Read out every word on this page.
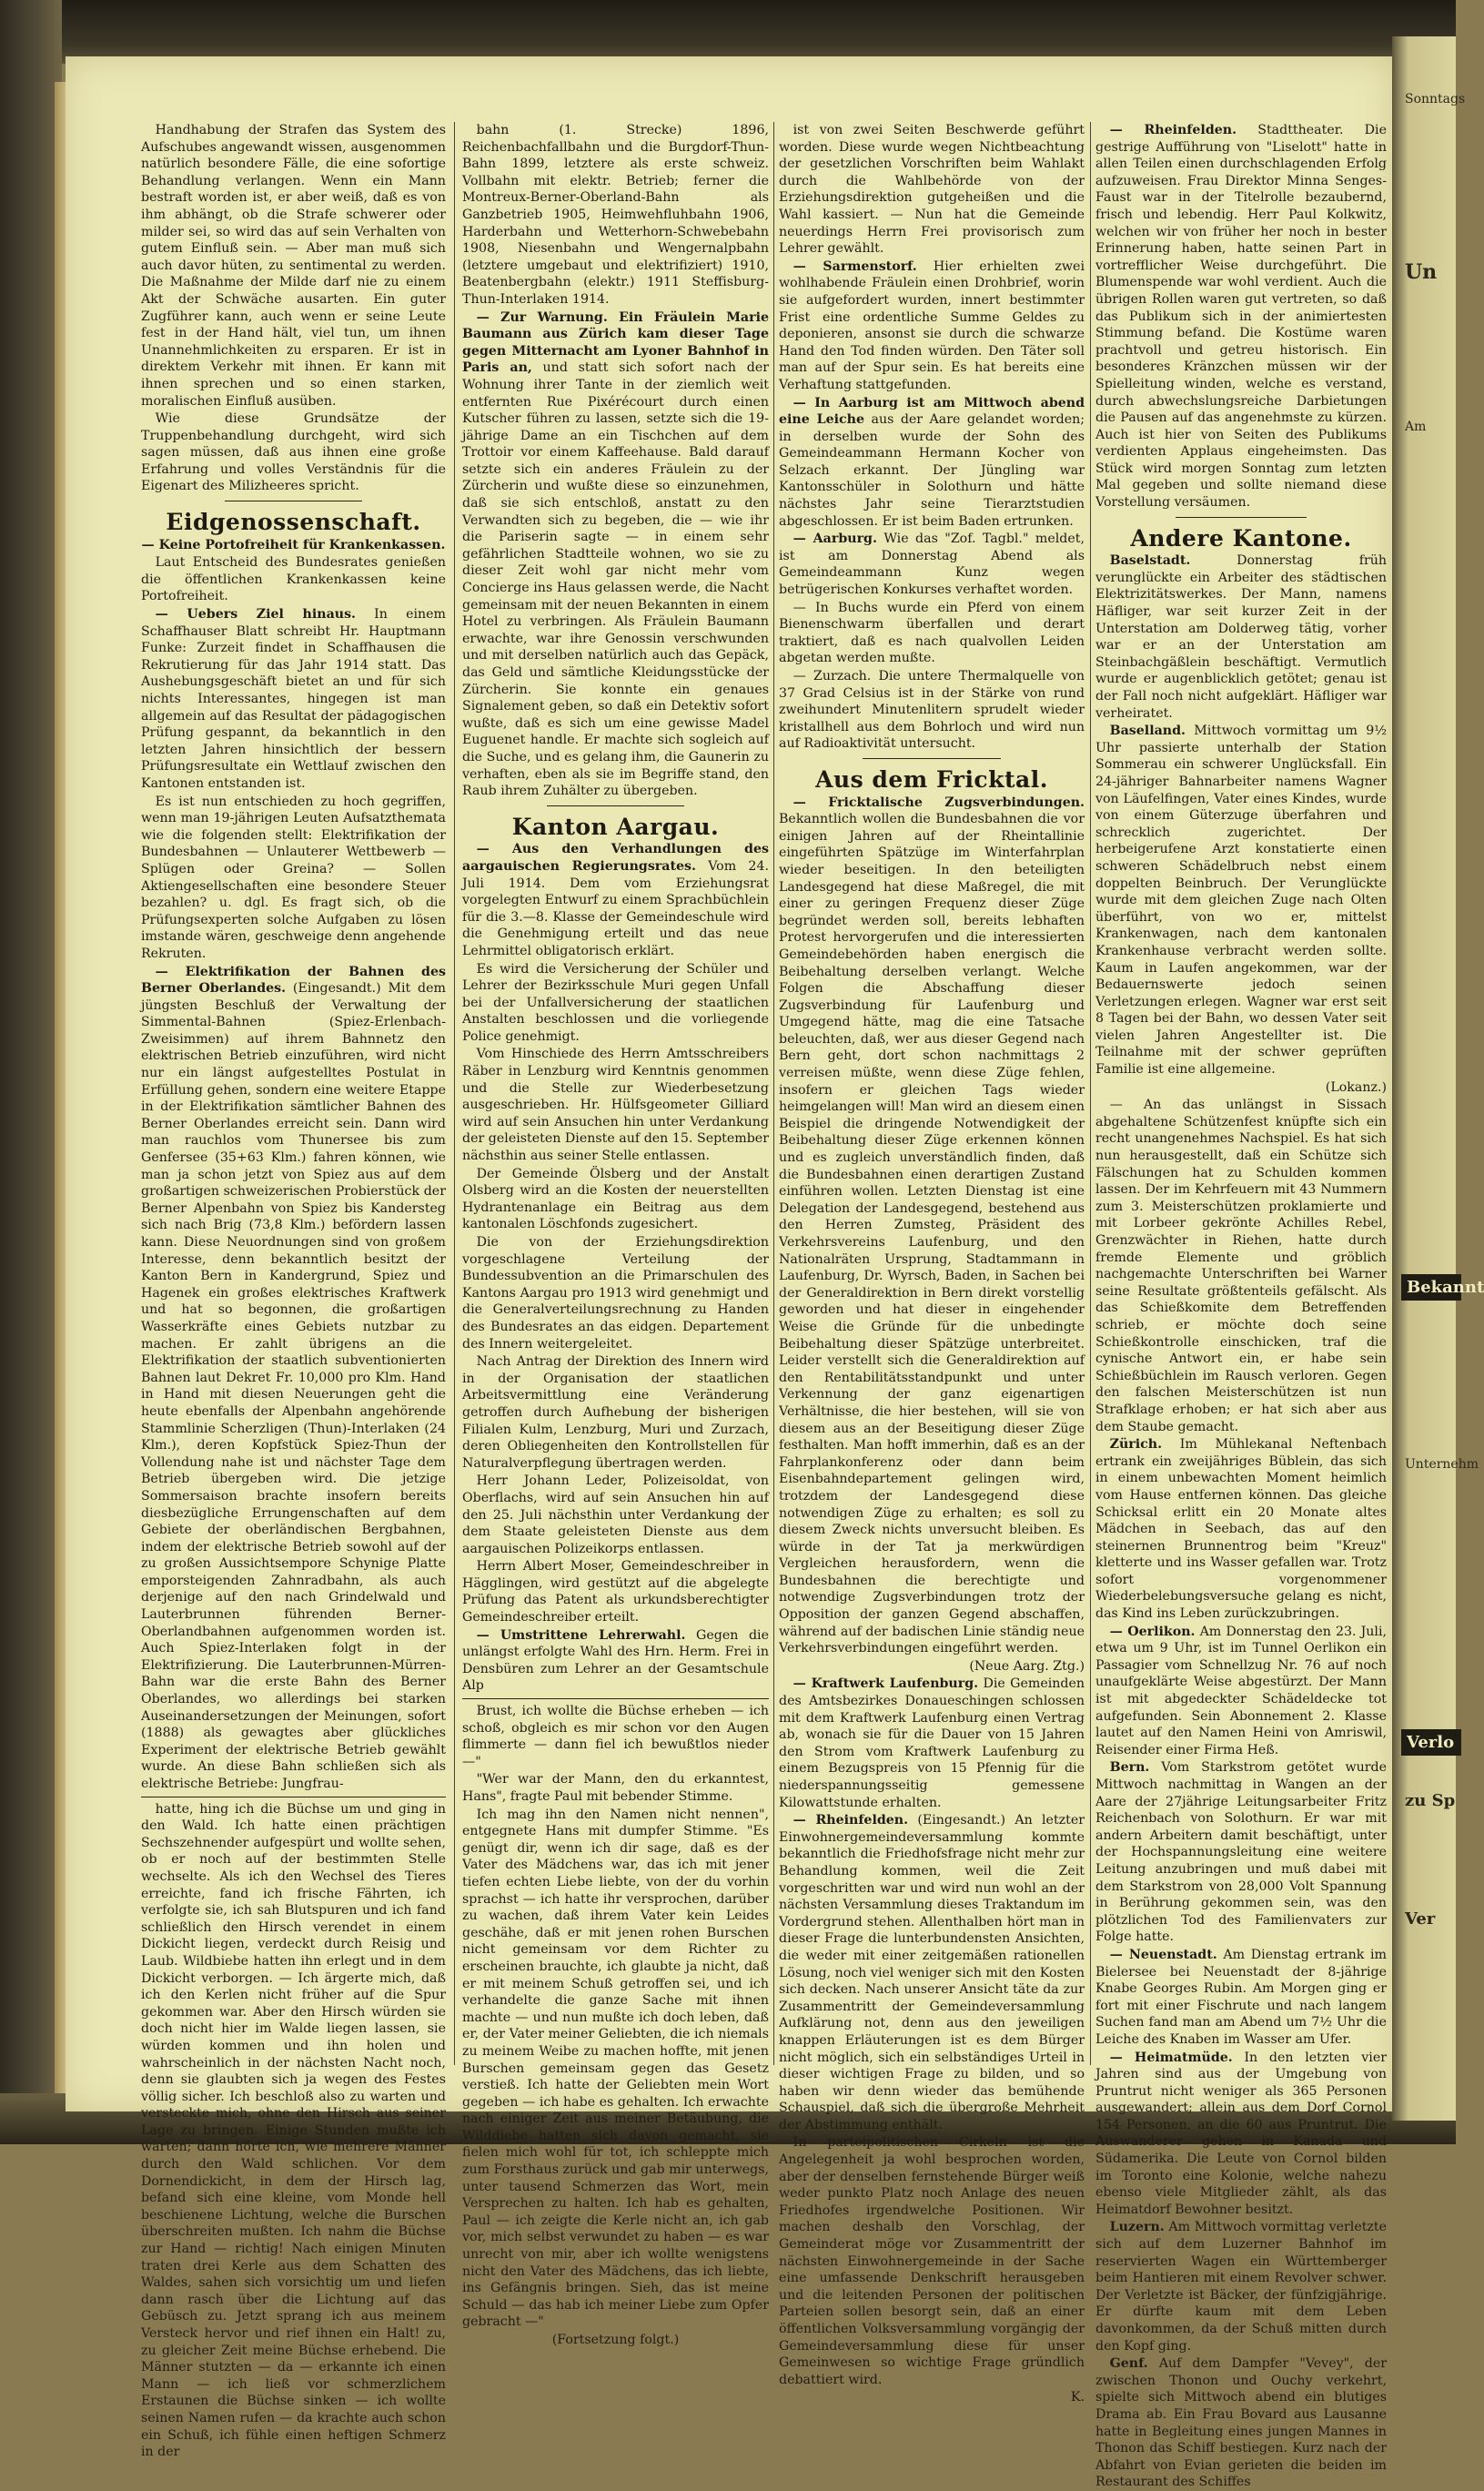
Sonntags
Un
Am
Bekannt
Unternehm
Verlo
zu Sp
Ver

Handhabung der Strafen das System des Aufschubes angewandt wissen, ausgenommen natürlich besondere Fälle, die eine sofortige Behandlung verlangen. Wenn ein Mann bestraft worden ist, er aber weiß, daß es von ihm abhängt, ob die Strafe schwerer oder milder sei, so wird das auf sein Verhalten von gutem Einfluß sein. — Aber man muß sich auch davor hüten, zu sentimental zu werden. Die Maßnahme der Milde darf nie zu einem Akt der Schwäche ausarten. Ein guter Zugführer kann, auch wenn er seine Leute fest in der Hand hält, viel tun, um ihnen Unannehmlichkeiten zu ersparen. Er ist in direktem Verkehr mit ihnen. Er kann mit ihnen sprechen und so einen starken, moralischen Einfluß ausüben.

Wie diese Grundsätze der Truppenbehandlung durchgeht, wird sich sagen müssen, daß aus ihnen eine große Erfahrung und volles Verständnis für die Eigenart des Milizheeres spricht.

Eidgenossenschaft.

— Keine Portofreiheit für Krankenkassen.

Laut Entscheid des Bundesrates genießen die öffentlichen Krankenkassen keine Portofreiheit.

— Uebers Ziel hinaus. In einem Schaffhauser Blatt schreibt Hr. Hauptmann Funke: Zurzeit findet in Schaffhausen die Rekrutierung für das Jahr 1914 statt. Das Aushebungsgeschäft bietet an und für sich nichts Interessantes, hingegen ist man allgemein auf das Resultat der pädagogischen Prüfung gespannt, da bekanntlich in den letzten Jahren hinsichtlich der bessern Prüfungsresultate ein Wettlauf zwischen den Kantonen entstanden ist.

Es ist nun entschieden zu hoch gegriffen, wenn man 19-jährigen Leuten Aufsatzthemata wie die folgenden stellt: Elektrifikation der Bundesbahnen — Unlauterer Wettbewerb — Splügen oder Greina? — Sollen Aktiengesellschaften eine besondere Steuer bezahlen? u. dgl. Es fragt sich, ob die Prüfungsexperten solche Aufgaben zu lösen imstande wären, geschweige denn angehende Rekruten.

— Elektrifikation der Bahnen des Berner Oberlandes. (Eingesandt.) Mit dem jüngsten Beschluß der Verwaltung der Simmental-Bahnen (Spiez-Erlenbach-Zweisimmen) auf ihrem Bahnnetz den elektrischen Betrieb einzuführen, wird nicht nur ein längst aufgestelltes Postulat in Erfüllung gehen, sondern eine weitere Etappe in der Elektrifikation sämtlicher Bahnen des Berner Oberlandes erreicht sein. Dann wird man rauchlos vom Thunersee bis zum Genfersee (35+63 Klm.) fahren können, wie man ja schon jetzt von Spiez aus auf dem großartigen schweizerischen Probierstück der Berner Alpenbahn von Spiez bis Kandersteg sich nach Brig (73,8 Klm.) befördern lassen kann. Diese Neuordnungen sind von großem Interesse, denn bekanntlich besitzt der Kanton Bern in Kandergrund, Spiez und Hagenek ein großes elektrisches Kraftwerk und hat so begonnen, die großartigen Wasserkräfte eines Gebiets nutzbar zu machen. Er zahlt übrigens an die Elektrifikation der staatlich subventionierten Bahnen laut Dekret Fr. 10,000 pro Klm. Hand in Hand mit diesen Neuerungen geht die heute ebenfalls der Alpenbahn angehörende Stammlinie Scherzligen (Thun)-Interlaken (24 Klm.), deren Kopfstück Spiez-Thun der Vollendung nahe ist und nächster Tage dem Betrieb übergeben wird. Die jetzige Sommersaison brachte insofern bereits diesbezügliche Errungenschaften auf dem Gebiete der oberländischen Bergbahnen, indem der elektrische Betrieb sowohl auf der zu großen Aussichtsempore Schynige Platte emporsteigenden Zahnradbahn, als auch derjenige auf den nach Grindelwald und Lauterbrunnen führenden Berner-Oberlandbahnen aufgenommen worden ist. Auch Spiez-Interlaken folgt in der Elektrifizierung. Die Lauterbrunnen-Mürren-Bahn war die erste Bahn des Berner Oberlandes, wo allerdings bei starken Auseinandersetzungen der Meinungen, sofort (1888) als gewagtes aber glückliches Experiment der elektrische Betrieb gewählt wurde. An diese Bahn schließen sich als elektrische Betriebe: Jungfrau-

hatte, hing ich die Büchse um und ging in den Wald. Ich hatte einen prächtigen Sechszehnender aufgespürt und wollte sehen, ob er noch auf der bestimmten Stelle wechselte. Als ich den Wechsel des Tieres erreichte, fand ich frische Fährten, ich verfolgte sie, ich sah Blutspuren und ich fand schließlich den Hirsch verendet in einem Dickicht liegen, verdeckt durch Reisig und Laub. Wildbiebe hatten ihn erlegt und in dem Dickicht verborgen. — Ich ärgerte mich, daß ich den Kerlen nicht früher auf die Spur gekommen war. Aber den Hirsch würden sie doch nicht hier im Walde liegen lassen, sie würden kommen und ihn holen und wahrscheinlich in der nächsten Nacht noch, denn sie glaubten sich ja wegen des Festes völlig sicher. Ich beschloß also zu warten und versteckte mich, ohne den Hirsch aus seiner Lage zu bringen. Einige Stunden mußte ich warten; dann hörte ich, wie mehrere Männer durch den Wald schlichen. Vor dem Dornendickicht, in dem der Hirsch lag, befand sich eine kleine, vom Monde hell beschienene Lichtung, welche die Burschen überschreiten mußten. Ich nahm die Büchse zur Hand — richtig! Nach einigen Minuten traten drei Kerle aus dem Schatten des Waldes, sahen sich vorsichtig um und liefen dann rasch über die Lichtung auf das Gebüsch zu. Jetzt sprang ich aus meinem Versteck hervor und rief ihnen ein Halt! zu, zu gleicher Zeit meine Büchse erhebend. Die Männer stutzten — da — erkannte ich einen Mann — ich ließ vor schmerzlichem Erstaunen die Büchse sinken — ich wollte seinen Namen rufen — da krachte auch schon ein Schuß, ich fühle einen heftigen Schmerz in der

bahn (1. Strecke) 1896, Reichenbachfallbahn und die Burgdorf-Thun-Bahn 1899, letztere als erste schweiz. Vollbahn mit elektr. Betrieb; ferner die Montreux-Berner-Oberland-Bahn als Ganzbetrieb 1905, Heimwehfluhbahn 1906, Harderbahn und Wetterhorn-Schwebebahn 1908, Niesenbahn und Wengernalpbahn (letztere umgebaut und elektrifiziert) 1910, Beatenbergbahn (elektr.) 1911 Steffisburg-Thun-Interlaken 1914.

— Zur Warnung. Ein Fräulein Marie Baumann aus Zürich kam dieser Tage gegen Mitternacht am Lyoner Bahnhof in Paris an, und statt sich sofort nach der Wohnung ihrer Tante in der ziemlich weit entfernten Rue Pixérécourt durch einen Kutscher führen zu lassen, setzte sich die 19-jährige Dame an ein Tischchen auf dem Trottoir vor einem Kaffeehause. Bald darauf setzte sich ein anderes Fräulein zu der Zürcherin und wußte diese so einzunehmen, daß sie sich entschloß, anstatt zu den Verwandten sich zu begeben, die — wie ihr die Pariserin sagte — in einem sehr gefährlichen Stadtteile wohnen, wo sie zu dieser Zeit wohl gar nicht mehr vom Concierge ins Haus gelassen werde, die Nacht gemeinsam mit der neuen Bekannten in einem Hotel zu verbringen. Als Fräulein Baumann erwachte, war ihre Genossin verschwunden und mit derselben natürlich auch das Gepäck, das Geld und sämtliche Kleidungsstücke der Zürcherin. Sie konnte ein genaues Signalement geben, so daß ein Detektiv sofort wußte, daß es sich um eine gewisse Madel Euguenet handle. Er machte sich sogleich auf die Suche, und es gelang ihm, die Gaunerin zu verhaften, eben als sie im Begriffe stand, den Raub ihrem Zuhälter zu übergeben.

Kanton Aargau.

— Aus den Verhandlungen des aargauischen Regierungsrates. Vom 24. Juli 1914. Dem vom Erziehungsrat vorgelegten Entwurf zu einem Sprachbüchlein für die 3.—8. Klasse der Gemeindeschule wird die Genehmigung erteilt und das neue Lehrmittel obligatorisch erklärt.

Es wird die Versicherung der Schüler und Lehrer der Bezirksschule Muri gegen Unfall bei der Unfallversicherung der staatlichen Anstalten beschlossen und die vorliegende Police genehmigt.

Vom Hinschiede des Herrn Amtsschreibers Räber in Lenzburg wird Kenntnis genommen und die Stelle zur Wiederbesetzung ausgeschrieben. Hr. Hülfsgeometer Gilliard wird auf sein Ansuchen hin unter Verdankung der geleisteten Dienste auf den 15. September nächsthin aus seiner Stelle entlassen.

Der Gemeinde Ölsberg und der Anstalt Olsberg wird an die Kosten der neuerstellten Hydrantenanlage ein Beitrag aus dem kantonalen Löschfonds zugesichert.

Die von der Erziehungsdirektion vorgeschlagene Verteilung der Bundessubvention an die Primarschulen des Kantons Aargau pro 1913 wird genehmigt und die Generalverteilungsrechnung zu Handen des Bundesrates an das eidgen. Departement des Innern weitergeleitet.

Nach Antrag der Direktion des Innern wird in der Organisation der staatlichen Arbeitsvermittlung eine Veränderung getroffen durch Aufhebung der bisherigen Filialen Kulm, Lenzburg, Muri und Zurzach, deren Obliegenheiten den Kontrollstellen für Naturalverpflegung übertragen werden.

Herr Johann Leder, Polizeisoldat, von Oberflachs, wird auf sein Ansuchen hin auf den 25. Juli nächsthin unter Verdankung der dem Staate geleisteten Dienste aus dem aargauischen Polizeikorps entlassen.

Herrn Albert Moser, Gemeindeschreiber in Hägglingen, wird gestützt auf die abgelegte Prüfung das Patent als urkundsberechtigter Gemeindeschreiber erteilt.

— Umstrittene Lehrerwahl. Gegen die unlängst erfolgte Wahl des Hrn. Herm. Frei in Densbüren zum Lehrer an der Gesamtschule Alp

Brust, ich wollte die Büchse erheben — ich schoß, obgleich es mir schon vor den Augen flimmerte — dann fiel ich bewußtlos nieder —"

"Wer war der Mann, den du erkanntest, Hans", fragte Paul mit bebender Stimme.

Ich mag ihn den Namen nicht nennen", entgegnete Hans mit dumpfer Stimme. "Es genügt dir, wenn ich dir sage, daß es der Vater des Mädchens war, das ich mit jener tiefen echten Liebe liebte, von der du vorhin sprachst — ich hatte ihr versprochen, darüber zu wachen, daß ihrem Vater kein Leides geschähe, daß er mit jenen rohen Burschen nicht gemeinsam vor dem Richter zu erscheinen brauchte, ich glaubte ja nicht, daß er mit meinem Schuß getroffen sei, und ich verhandelte die ganze Sache mit ihnen machte — und nun mußte ich doch leben, daß er, der Vater meiner Geliebten, die ich niemals zu meinem Weibe zu machen hoffte, mit jenen Burschen gemeinsam gegen das Gesetz verstieß. Ich hatte der Geliebten mein Wort gegeben — ich habe es gehalten. Ich erwachte nach einiger Zeit aus meiner Betäubung, die Wilddiebe hatten sich davon gemacht, sie fielen mich wohl für tot, ich schleppte mich zum Forsthaus zurück und gab mir unterwegs, unter tausend Schmerzen das Wort, mein Versprechen zu halten. Ich hab es gehalten, Paul — ich zeigte die Kerle nicht an, ich gab vor, mich selbst verwundet zu haben — es war unrecht von mir, aber ich wollte wenigstens nicht den Vater des Mädchens, das ich liebte, ins Gefängnis bringen. Sieh, das ist meine Schuld — das hab ich meiner Liebe zum Opfer gebracht —"

(Fortsetzung folgt.)

ist von zwei Seiten Beschwerde geführt worden. Diese wurde wegen Nichtbeachtung der gesetzlichen Vorschriften beim Wahlakt durch die Wahlbehörde von der Erziehungsdirektion gutgeheißen und die Wahl kassiert. — Nun hat die Gemeinde neuerdings Herrn Frei provisorisch zum Lehrer gewählt.

— Sarmenstorf. Hier erhielten zwei wohlhabende Fräulein einen Drohbrief, worin sie aufgefordert wurden, innert bestimmter Frist eine ordentliche Summe Geldes zu deponieren, ansonst sie durch die schwarze Hand den Tod finden würden. Den Täter soll man auf der Spur sein. Es hat bereits eine Verhaftung stattgefunden.

— In Aarburg ist am Mittwoch abend eine Leiche aus der Aare gelandet worden; in derselben wurde der Sohn des Gemeindeammann Hermann Kocher von Selzach erkannt. Der Jüngling war Kantonsschüler in Solothurn und hätte nächstes Jahr seine Tierarztstudien abgeschlossen. Er ist beim Baden ertrunken.

— Aarburg. Wie das "Zof. Tagbl." meldet, ist am Donnerstag Abend als Gemeindeammann Kunz wegen betrügerischen Konkurses verhaftet worden.

— In Buchs wurde ein Pferd von einem Bienenschwarm überfallen und derart traktiert, daß es nach qualvollen Leiden abgetan werden mußte.

— Zurzach. Die untere Thermalquelle von 37 Grad Celsius ist in der Stärke von rund zweihundert Minutenlitern sprudelt wieder kristallhell aus dem Bohrloch und wird nun auf Radioaktivität untersucht.

Aus dem Fricktal.

— Fricktalische Zugsverbindungen. Bekanntlich wollen die Bundesbahnen die vor einigen Jahren auf der Rheintallinie eingeführten Spätzüge im Winterfahrplan wieder beseitigen. In den beteiligten Landesgegend hat diese Maßregel, die mit einer zu geringen Frequenz dieser Züge begründet werden soll, bereits lebhaften Protest hervorgerufen und die interessierten Gemeindebehörden haben energisch die Beibehaltung derselben verlangt. Welche Folgen die Abschaffung dieser Zugsverbindung für Laufenburg und Umgegend hätte, mag die eine Tatsache beleuchten, daß, wer aus dieser Gegend nach Bern geht, dort schon nachmittags 2 verreisen müßte, wenn diese Züge fehlen, insofern er gleichen Tags wieder heimgelangen will! Man wird an diesem einen Beispiel die dringende Notwendigkeit der Beibehaltung dieser Züge erkennen können und es zugleich unverständlich finden, daß die Bundesbahnen einen derartigen Zustand einführen wollen. Letzten Dienstag ist eine Delegation der Landesgegend, bestehend aus den Herren Zumsteg, Präsident des Verkehrsvereins Laufenburg, und den Nationalräten Ursprung, Stadtammann in Laufenburg, Dr. Wyrsch, Baden, in Sachen bei der Generaldirektion in Bern direkt vorstellig geworden und hat dieser in eingehender Weise die Gründe für die unbedingte Beibehaltung dieser Spätzüge unterbreitet. Leider verstellt sich die Generaldirektion auf den Rentabilitätsstandpunkt und unter Verkennung der ganz eigenartigen Verhältnisse, die hier bestehen, will sie von diesem aus an der Beseitigung dieser Züge festhalten. Man hofft immerhin, daß es an der Fahrplankonferenz oder dann beim Eisenbahndepartement gelingen wird, trotzdem der Landesgegend diese notwendigen Züge zu erhalten; es soll zu diesem Zweck nichts unversucht bleiben. Es würde in der Tat ja merkwürdigen Vergleichen herausfordern, wenn die Bundesbahnen die berechtigte und notwendige Zugsverbindungen trotz der Opposition der ganzen Gegend abschaffen, während auf der badischen Linie ständig neue Verkehrsverbindungen eingeführt werden.

(Neue Aarg. Ztg.)

— Kraftwerk Laufenburg. Die Gemeinden des Amtsbezirkes Donaueschingen schlossen mit dem Kraftwerk Laufenburg einen Vertrag ab, wonach sie für die Dauer von 15 Jahren den Strom vom Kraftwerk Laufenburg zu einem Bezugspreis von 15 Pfennig für die niederspannungsseitig gemessene Kilowattstunde erhalten.

— Rheinfelden. (Eingesandt.) An letzter Einwohnergemeindeversammlung kommte bekanntlich die Friedhofsfrage nicht mehr zur Behandlung kommen, weil die Zeit vorgeschritten war und wird nun wohl an der nächsten Versammlung dieses Traktandum im Vordergrund stehen. Allenthalben hört man in dieser Frage die lunterbundensten Ansichten, die weder mit einer zeitgemäßen rationellen Lösung, noch viel weniger sich mit den Kosten sich decken. Nach unserer Ansicht täte da zur Zusammentritt der Gemeindeversammlung Aufklärung not, denn aus den jeweiligen knappen Erläuterungen ist es dem Bürger nicht möglich, sich ein selbständiges Urteil in dieser wichtigen Frage zu bilden, und so haben wir denn wieder das bemühende Schauspiel, daß sich die übergroße Mehrheit der Abstimmung enthält.

In parteipolitischen Cirkeln ist die Angelegenheit ja wohl besprochen worden, aber der denselben fernstehende Bürger weiß weder punkto Platz noch Anlage des neuen Friedhofes irgendwelche Positionen. Wir machen deshalb den Vorschlag, der Gemeinderat möge vor Zusammentritt der nächsten Einwohnergemeinde in der Sache eine umfassende Denkschrift herausgeben und die leitenden Personen der politischen Parteien sollen besorgt sein, daß an einer öffentlichen Volksversammlung vorgängig der Gemeindeversammlung diese für unser Gemeinwesen so wichtige Frage gründlich debattiert wird.

K.

— Rheinfelden. Stadttheater. Die gestrige Aufführung von "Liselott" hatte in allen Teilen einen durchschlagenden Erfolg aufzuweisen. Frau Direktor Minna Senges-Faust war in der Titelrolle bezaubernd, frisch und lebendig. Herr Paul Kolkwitz, welchen wir von früher her noch in bester Erinnerung haben, hatte seinen Part in vortrefflicher Weise durchgeführt. Die Blumenspende war wohl verdient. Auch die übrigen Rollen waren gut vertreten, so daß das Publikum sich in der animiertesten Stimmung befand. Die Kostüme waren prachtvoll und getreu historisch. Ein besonderes Kränzchen müssen wir der Spielleitung winden, welche es verstand, durch abwechslungsreiche Darbietungen die Pausen auf das angenehmste zu kürzen. Auch ist hier von Seiten des Publikums verdienten Applaus eingeheimsten. Das Stück wird morgen Sonntag zum letzten Mal gegeben und sollte niemand diese Vorstellung versäumen.

Andere Kantone.

Baselstadt.	Donnerstag früh verunglückte ein Arbeiter des städtischen Elektrizitätswerkes. Der Mann, namens Häfliger, war seit kurzer Zeit in der Unterstation am Dolderweg tätig, vorher war er an der Unterstation am Steinbachgäßlein beschäftigt. Vermutlich wurde er augenblicklich getötet; genau ist der Fall noch nicht aufgeklärt. Häfliger war verheiratet.

Baselland. Mittwoch vormittag um 9½ Uhr passierte unterhalb der Station Sommerau ein schwerer Unglücksfall. Ein 24-jähriger Bahnarbeiter namens Wagner von Läufelfingen, Vater eines Kindes, wurde von einem Güterzuge überfahren und schrecklich zugerichtet. Der herbeigerufene Arzt konstatierte einen schweren Schädelbruch nebst einem doppelten Beinbruch. Der Verunglückte wurde mit dem gleichen Zuge nach Olten überführt, von wo er, mittelst Krankenwagen, nach dem kantonalen Krankenhause verbracht werden sollte. Kaum in Laufen angekommen, war der Bedauernswerte jedoch seinen Verletzungen erlegen. Wagner war erst seit 8 Tagen bei der Bahn, wo dessen Vater seit vielen Jahren Angestellter ist. Die Teilnahme mit der schwer geprüften Familie ist eine allgemeine.

(Lokanz.)

— An das unlängst in Sissach abgehaltene Schützenfest knüpfte sich ein recht unangenehmes Nachspiel. Es hat sich nun herausgestellt, daß ein Schütze sich Fälschungen hat zu Schulden kommen lassen. Der im Kehrfeuern mit 43 Nummern zum 3. Meisterschützen proklamierte und mit Lorbeer gekrönte Achilles Rebel, Grenzwächter in Riehen, hatte durch fremde Elemente und gröblich nachgemachte Unterschriften bei Warner seine Resultate größtenteils gefälscht. Als das Schießkomite dem Betreffenden schrieb, er möchte doch seine Schießkontrolle einschicken, traf die cynische Antwort ein, er habe sein Schießbüchlein im Rausch verloren. Gegen den falschen Meisterschützen ist nun Strafklage erhoben; er hat sich aber aus dem Staube gemacht.

Zürich. Im Mühlekanal Neftenbach ertrank ein zweijähriges Büblein, das sich in einem unbewachten Moment heimlich vom Hause entfernen können. Das gleiche Schicksal erlitt ein 20 Monate altes Mädchen in Seebach, das auf den steinernen Brunnentrog beim "Kreuz" kletterte und ins Wasser gefallen war. Trotz sofort vorgenommener Wiederbelebungsversuche gelang es nicht, das Kind ins Leben zurückzubringen.

— Oerlikon. Am Donnerstag den 23. Juli, etwa um 9 Uhr, ist im Tunnel Oerlikon ein Passagier vom Schnellzug Nr. 76 auf noch unaufgeklärte Weise abgestürzt. Der Mann ist mit abgedeckter Schädeldecke tot aufgefunden. Sein Abonnement 2. Klasse lautet auf den Namen Heini von Amriswil, Reisender einer Firma Heß.

Bern. Vom Starkstrom getötet wurde Mittwoch nachmittag in Wangen an der Aare der 27jährige Leitungsarbeiter Fritz Reichenbach von Solothurn. Er war mit andern Arbeitern damit beschäftigt, unter der Hochspannungsleitung eine weitere Leitung anzubringen und muß dabei mit dem Starkstrom von 28,000 Volt Spannung in Berührung gekommen sein, was den plötzlichen Tod des Familienvaters zur Folge hatte.

— Neuenstadt. Am Dienstag ertrank im Bielersee bei Neuenstadt der 8-jährige Knabe Georges Rubin. Am Morgen ging er fort mit einer Fischrute und nach langem Suchen fand man am Abend um 7½ Uhr die Leiche des Knaben im Wasser am Ufer.

— Heimatmüde. In den letzten vier Jahren sind aus der Umgebung von Pruntrut nicht weniger als 365 Personen ausgewandert; allein aus dem Dorf Cornol 154 Personen, an die 60 aus Pruntrut. Die Auswanderer gehen in Kanada und Südamerika. Die Leute von Cornol bilden im Toronto eine Kolonie, welche nahezu ebenso viele Mitglieder zählt, als das Heimatdorf Bewohner besitzt.

Luzern. Am Mittwoch vormittag verletzte sich auf dem Luzerner Bahnhof im reservierten Wagen ein Württemberger beim Hantieren mit einem Revolver schwer. Der Verletzte ist Bäcker, der fünfzigjährige. Er dürfte kaum mit dem Leben davonkommen, da der Schuß mitten durch den Kopf ging.

Genf. Auf dem Dampfer "Vevey", der zwischen Thonon und Ouchy verkehrt, spielte sich Mittwoch abend ein blutiges Drama ab. Ein Frau Bovard aus Lausanne hatte in Begleitung eines jungen Mannes in Thonon das Schiff bestiegen. Kurz nach der Abfahrt von Evian gerieten die beiden im Restaurant des Schiffes
